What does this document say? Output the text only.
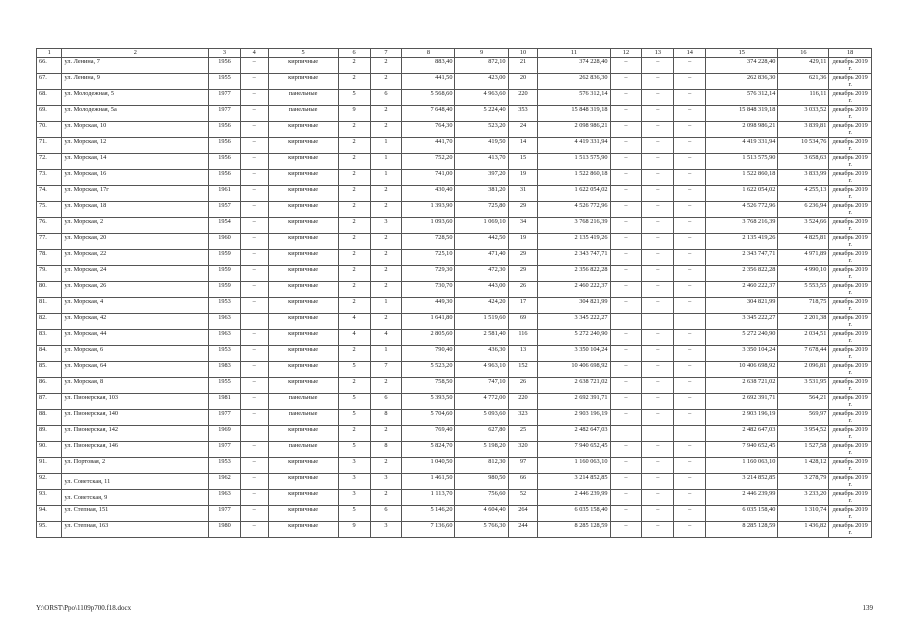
1	2	3	4	5	6	7	8	9	10	11	12	13	14	15	16	18
66.	ул. Ленина, 7	1956	–	кирпичные	2	2	883,40	872,10	21	374 228,40	–	–	–	374 228,40	429,11	декабрь 2019 г.
67.	ул. Ленина, 9	1955	–	кирпичные	2	2	441,50	423,00	20	262 836,30	–	–	–	262 836,30	621,36	декабрь 2019 г.
68.	ул. Молодежная, 5	1977	–	панельные	5	6	5 568,60	4 963,60	220	576 312,14	–	–	–	576 312,14	116,11	декабрь 2019 г.
69.	ул. Молодежная, 5а	1977	–	панельные	9	2	7 648,40	5 224,40	353	15 848 319,18	–	–	–	15 848 319,18	3 033,52	декабрь 2019 г.
70.	ул. Морская, 10	1956	–	кирпичные	2	2	764,30	523,20	24	2 098 986,21	–	–	–	2 098 986,21	3 839,81	декабрь 2019 г.
71.	ул. Морская, 12	1956	–	кирпичные	2	1	441,70	419,50	14	4 419 331,94	–	–	–	4 419 331,94	10 534,76	декабрь 2019 г.
72.	ул. Морская, 14	1956	–	кирпичные	2	1	752,20	413,70	15	1 513 575,90	–	–	–	1 513 575,90	3 658,63	декабрь 2019 г.
73.	ул. Морская, 16	1956	–	кирпичные	2	1	741,00	397,20	19	1 522 860,18	–	–	–	1 522 860,18	3 833,99	декабрь 2019 г.
74.	ул. Морская, 17г	1961	–	кирпичные	2	2	430,40	381,20	31	1 622 054,02	–	–	–	1 622 054,02	4 255,13	декабрь 2019 г.
75.	ул. Морская, 18	1957	–	кирпичные	2	2	1 393,90	725,80	29	4 526 772,96	–	–	–	4 526 772,96	6 236,94	декабрь 2019 г.
76.	ул. Морская, 2	1954	–	кирпичные	2	3	1 093,60	1 069,10	34	3 768 216,39	–	–	–	3 768 216,39	3 524,66	декабрь 2019 г.
77.	ул. Морская, 20	1960	–	кирпичные	2	2	728,50	442,50	19	2 135 419,26	–	–	–	2 135 419,26	4 825,81	декабрь 2019 г.
78.	ул. Морская, 22	1959	–	кирпичные	2	2	725,10	471,40	29	2 343 747,71	–	–	–	2 343 747,71	4 971,89	декабрь 2019 г.
79.	ул. Морская, 24	1959	–	кирпичные	2	2	729,30	472,30	29	2 356 822,28	–	–	–	2 356 822,28	4 990,10	декабрь 2019 г.
80.	ул. Морская, 26	1959	–	кирпичные	2	2	730,70	443,00	26	2 460 222,37	–	–	–	2 460 222,37	5 553,55	декабрь 2019 г.
81.	ул. Морская, 4	1953	–	кирпичные	2	1	449,30	424,20	17	304 821,99	–	–	–	304 821,99	718,75	декабрь 2019 г.
82.	ул. Морская, 42	1963		кирпичные	4	2	1 641,80	1 519,60	69	3 345 222,27				3 345 222,27	2 201,38	декабрь 2019 г.
83.	ул. Морская, 44	1963	–	кирпичные	4	4	2 805,60	2 581,40	116	5 272 240,90	–	–	–	5 272 240,90	2 034,51	декабрь 2019 г.
84.	ул. Морская, 6	1953	–	кирпичные	2	1	790,40	436,30	13	3 350 104,24	–	–	–	3 350 104,24	7 678,44	декабрь 2019 г.
85.	ул. Морская, 64	1983	–	кирпичные	5	7	5 523,20	4 963,10	152	10 406 698,92	–	–	–	10 406 698,92	2 096,81	декабрь 2019 г.
86.	ул. Морская, 8	1955	–	кирпичные	2	2	758,50	747,10	26	2 638 721,02	–	–	–	2 638 721,02	3 531,95	декабрь 2019 г.
87.	ул. Пионерская, 103	1981	–	панельные	5	6	5 393,50	4 772,00	220	2 692 391,71	–	–	–	2 692 391,71	564,21	декабрь 2019 г.
88.	ул. Пионерская, 140	1977	–	панельные	5	8	5 704,60	5 093,60	323	2 903 196,19	–	–	–	2 903 196,19	569,97	декабрь 2019 г.
89.	ул. Пионерская, 142	1969		кирпичные	2	2	769,40	627,80	25	2 482 647,03				2 482 647,03	3 954,52	декабрь 2019 г.
90.	ул. Пионерская, 146	1977	–	панельные	5	8	5 824,70	5 198,20	320	7 940 652,45	–	–	–	7 940 652,45	1 527,58	декабрь 2019 г.
91.	ул. Портовая, 2	1953	–	кирпичные	3	2	1 040,50	812,30	97	1 160 063,10	–	–	–	1 160 063,10	1 428,12	декабрь 2019 г.
92.	ул. Советская, 11	1962	–	кирпичные	3	3	1 461,50	980,50	66	3 214 852,85	–	–	–	3 214 852,85	3 278,79	декабрь 2019 г.
93.	ул. Советская, 9	1963	–	кирпичные	3	2	1 113,70	756,60	52	2 446 239,99	–	–	–	2 446 239,99	3 233,20	декабрь 2019 г.
94.	ул. Степная, 151	1977	–	кирпичные	5	6	5 146,20	4 604,40	264	6 035 158,40	–	–	–	6 035 158,40	1 310,74	декабрь 2019 г.
95.	ул. Степная, 163	1980	–	кирпичные	9	3	7 136,60	5 766,30	244	8 285 128,59	–	–	–	8 285 128,59	1 436,82	декабрь 2019 г.
Y:\ORST\Ppo\1109p700.f18.docx	139
